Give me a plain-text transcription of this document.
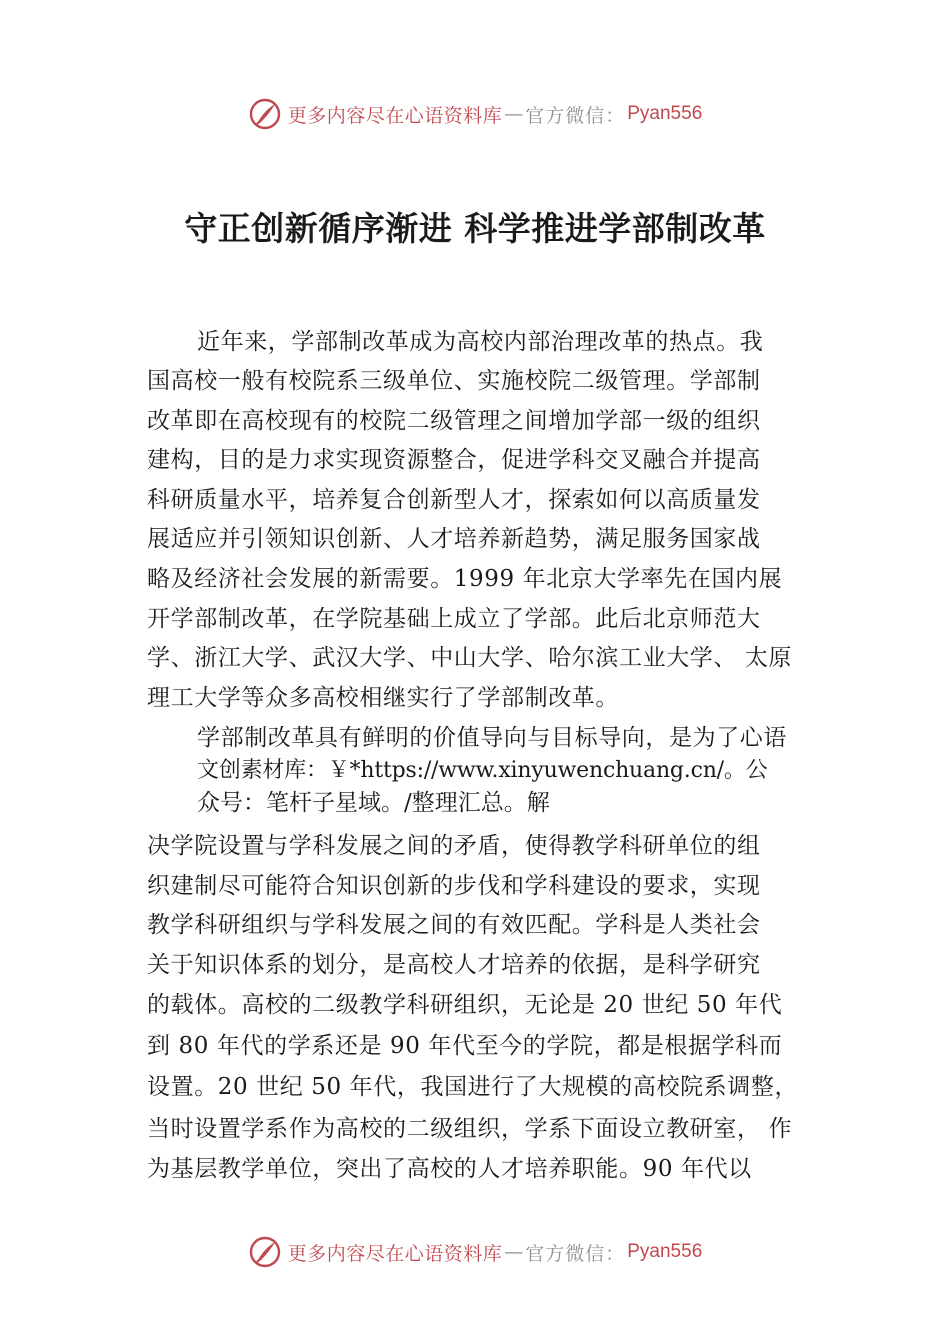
更多内容尽在心语资料库 — 官方微信： Pyan556
守正创新循序渐进 科学推进学部制改革
近年来，学部制改革成为高校内部治理改革的热点。我
国高校一般有校院系三级单位、实施校院二级管理。学部制
改革即在高校现有的校院二级管理之间增加学部一级的组织
建构，目的是力求实现资源整合，促进学科交叉融合并提高
科研质量水平，培养复合创新型人才，探索如何以高质量发
展适应并引领知识创新、人才培养新趋势，满足服务国家战
略及经济社会发展的新需要。1999 年北京大学率先在国内展
开学部制改革，在学院基础上成立了学部。此后北京师范大
学、浙江大学、武汉大学、中山大学、哈尔滨工业大学、 太原
理工大学等众多高校相继实行了学部制改革。
学部制改革具有鲜明的价值导向与目标导向，是为了心语
文创素材库：￥*https://www.xinyuwenchuang.cn/。公
众号：笔杆子星域。/整理汇总。解
决学院设置与学科发展之间的矛盾，使得教学科研单位的组
织建制尽可能符合知识创新的步伐和学科建设的要求，实现
教学科研组织与学科发展之间的有效匹配。学科是人类社会
关于知识体系的划分，是高校人才培养的依据，是科学研究
的载体。高校的二级教学科研组织，无论是 20 世纪 50 年代
到 80 年代的学系还是 90 年代至今的学院，都是根据学科而
设置。20 世纪 50 年代，我国进行了大规模的高校院系调整，
当时设置学系作为高校的二级组织，学系下面设立教研室， 作
为基层教学单位，突出了高校的人才培养职能。90 年代以
更多内容尽在心语资料库 — 官方微信： Pyan556
